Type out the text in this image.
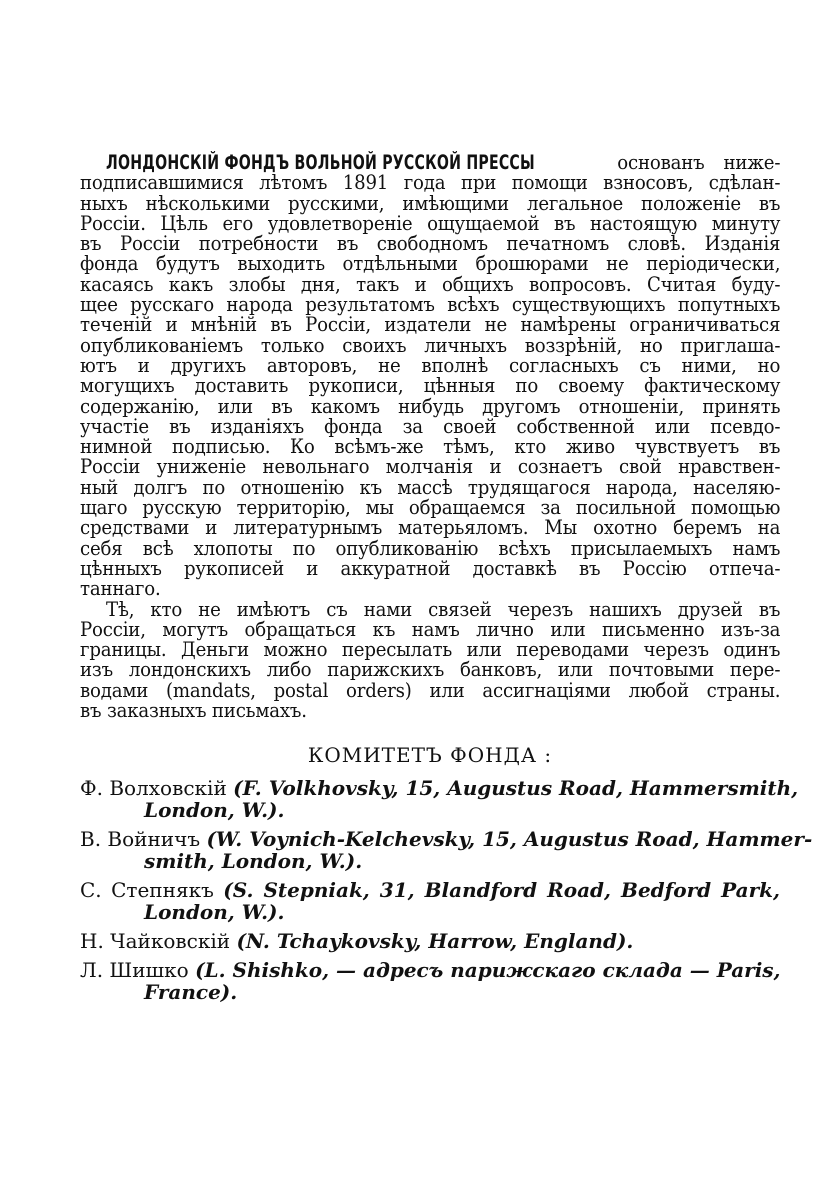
ЛОНДОНСКІЙ ФОНДЪ ВОЛЬНОЙ РУССКОЙ ПРЕССЫ	основанъ ниже-
подписавшимися лѣтомъ 1891 года при помощи взносовъ, сдѣлан-
ныхъ нѣсколькими русскими, имѣющими легальное положеніе въ
Россіи. Цѣль его удовлетвореніе ощущаемой въ настоящую минуту
въ Россіи потребности въ свободномъ печатномъ словѣ. Изданія
фонда будутъ выходить отдѣльными брошюрами не періодически,
касаясь какъ злобы дня, такъ и общихъ вопросовъ. Считая буду-
щее русскаго народа результатомъ всѣхъ существующихъ попутныхъ
теченій и мнѣній въ Россіи, издатели не намѣрены ограничиваться
опубликованіемъ только своихъ личныхъ воззрѣній, но приглаша-
ютъ и другихъ авторовъ, не вполнѣ согласныхъ съ ними, но
могущихъ доставить рукописи, цѣнныя по своему фактическому
содержанію, или въ какомъ нибудь другомъ отношеніи, принять
участіе въ изданіяхъ фонда за своей собственной или псевдо-
нимной подписью. Ко всѣмъ-же тѣмъ, кто живо чувствуетъ въ
Россіи униженіе невольнаго молчанія и сознаетъ свой нравствен-
ный долгъ по отношенію къ массѣ трудящагося народа, населяю-
щаго русскую территорію, мы обращаемся за посильной помощью
средствами и литературнымъ матерьяломъ. Мы охотно беремъ на
себя всѣ хлопоты по опубликованію всѣхъ присылаемыхъ намъ
цѣнныхъ рукописей и аккуратной доставкѣ въ Россію отпеча-
таннаго.
Тѣ, кто не имѣютъ съ нами связей черезъ нашихъ друзей въ
Россіи, могутъ обращаться къ намъ лично или письменно изъ-за
границы. Деньги можно пересылать или переводами черезъ одинъ
изъ лондонскихъ либо парижскихъ банковъ, или почтовыми пере-
водами (mandats, postal orders) или ассигнаціями любой страны.
въ заказныхъ письмахъ.
КОМИТЕТЪ ФОНДА :
Ф. Волховскій (F. Volkhovsky, 15, Augustus Road, Hammersmith,
London, W.).
В. Войничъ (W. Voynich-Kelchevsky, 15, Augustus Road, Hammer-
smith, London, W.).
С. Степнякъ (S. Stepniak, 31, Blandford Road, Bedford Park,
London, W.).
Н. Чайковскій (N. Tchaykovsky, Harrow, England).
Л. Шишко (L. Shishko, — адресъ парижскаго склада — Paris,
France).
